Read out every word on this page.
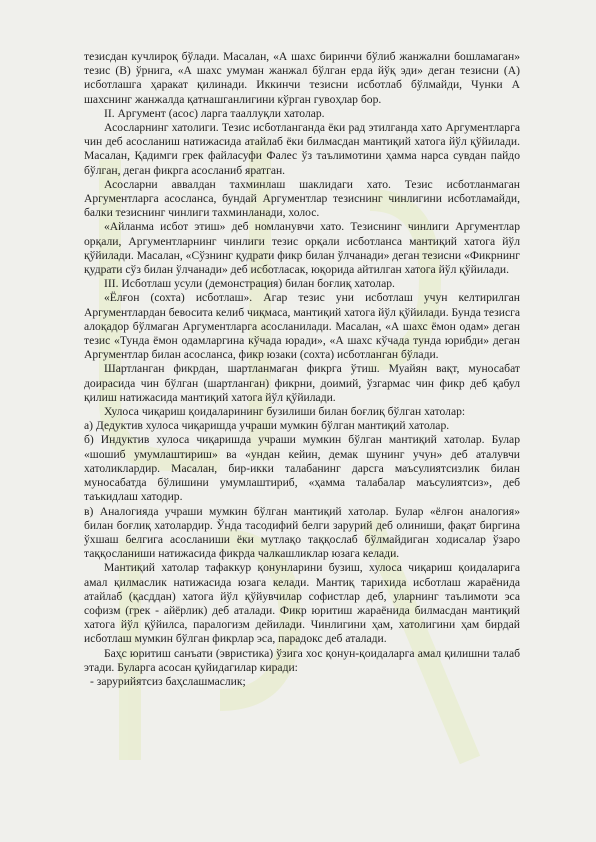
тезисдан кучлироқ бўлади. Масалан, «А шахс биринчи бўлиб жанжални бошламаган» тезис (В) ўрнига, «А шахс умуман жанжал бўлган ерда йўқ эди» деган тезисни (А) исботлашга ҳаракат қилинади. Иккинчи тезисни исботлаб бўлмайди, Чунки А шахснинг жанжалда қатнашганлигини кўрган гувоҳлар бор.

II. Аргумент (асос) ларга тааллуқли хатолар.

Асосларнинг хатолиги. Тезис исботланганда ёки рад этилганда хато Аргументларга чин деб асосланиш натижасида атайлаб ёки билмасдан мантиқий хатога йўл қўйилади. Масалан, Қадимги грек файласуфи Фалес ўз таълимотини ҳамма нарса сувдан пайдо бўлган, деган фикрга асосланиб яратган.

Асосларни аввалдан тахминлаш шаклидаги хато. Тезис исботланмаган Аргументларга асосланса, бундай Аргументлар тезиснинг чинлигини исботламайди, балки тезиснинг чинлиги тахминланади, холос.

«Айланма исбот этиш» деб номланувчи хато. Тезиснинг чинлиги Аргументлар орқали, Аргументларнинг чинлиги тезис орқали исботланса мантиқий хатога йўл қўйилади. Масалан, «Сўзнинг қудрати фикр билан ўлчанади» деган тезисни «Фикрнинг қудрати сўз билан ўлчанади» деб исботласак, юқорида айтилган хатога йўл қўйилади.

III. Исботлаш усули (демонстрация) билан боғлиқ хатолар.

«Ёлғон (сохта) исботлаш». Агар тезис уни исботлаш учун келтирилган Аргументлардан бевосита келиб чиқмаса, мантиқий хатога йўл қўйилади. Бунда тезисга алоқадор бўлмаган Аргументларга асосланилади. Масалан, «А шахс ёмон одам» деган тезис «Тунда ёмон одамларгина кўчада юради», «А шахс кўчада тунда юрибди» деган Аргументлар билан асосланса, фикр юзаки (сохта) исботланган бўлади.

Шартланган фикрдан, шартланмаган фикрга ўтиш. Муайян вақт, муносабат доирасида чин бўлган (шартланган) фикрни, доимий, ўзгармас чин фикр деб қабул қилиш натижасида мантиқий хатога йўл қўйилади.

Хулоса чиқариш қоидаларининг бузилиши билан боғлиқ бўлган хатолар:

а) Дедуктив хулоса чиқаришда учраши мумкин бўлган мантиқий хатолар.

б) Индуктив хулоса чиқаришда учраши мумкин бўлган мантиқий хатолар. Булар «шошиб умумлаштириш» ва «ундан кейин, демак шунинг учун» деб аталувчи хатоликлардир. Масалан, бир-икки талабанинг дарсга маъсулиятсизлик билан муносабатда бўлишини умумлаштириб, «ҳамма талабалар маъсулиятсиз», деб таъкидлаш хатодир.

в) Аналогияда учраши мумкин бўлган мантиқий хатолар. Булар «ёлғон аналогия» билан боғлиқ хатолардир. Ўнда тасодифий белги зарурий деб олиниши, фақат биргина ўхшаш белгига асосланиши ёки мутлақо таққослаб бўлмайдиган ходисалар ўзаро таққосланиши натижасида фикрда чалкашликлар юзага келади.

Мантиқий хатолар тафаккур қонунларини бузиш, хулоса чиқариш қоидаларига амал қилмаслик натижасида юзага келади. Мантиқ тарихида исботлаш жараёнида атайлаб (қасддан) хатога йўл қўйувчилар софистлар деб, уларнинг таълимоти эса софизм (грек - айёрлик) деб аталади. Фикр юритиш жараёнида билмасдан мантиқий хатога йўл қўйилса, паралогизм дейилади. Чинлигини ҳам, хатолигини ҳам бирдай исботлаш мумкин бўлган фикрлар эса, парадокс деб аталади.

Баҳс юритиш санъати (эвристика) ўзига хос қонун-қоидаларга амал қилишни талаб этади. Буларга асосан қуйидагилар киради:

- зарурийятсиз баҳслашмаслик;
